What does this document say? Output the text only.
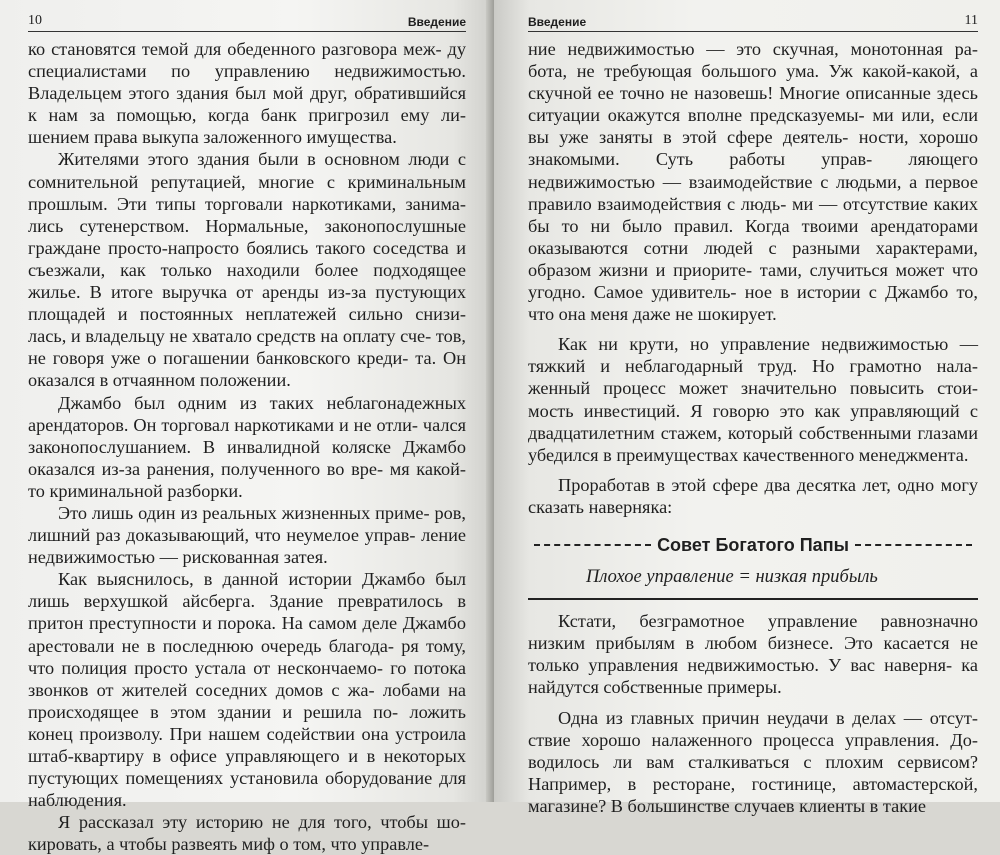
10	Введение

ко становятся темой для обеденного разговора меж- ду специалистами по управлению недвижимостью. Владельцем этого здания был мой друг, обратившийся к нам за помощью, когда банк пригрозил ему ли- шением права выкупа заложенного имущества.

Жителями этого здания были в основном люди с сомнительной репутацией, многие с криминальным прошлым. Эти типы торговали наркотиками, занима- лись сутенерством. Нормальные, законопослушные граждане просто-напросто боялись такого соседства и съезжали, как только находили более подходящее жилье. В итоге выручка от аренды из-за пустующих площадей и постоянных неплатежей сильно снизи- лась, и владельцу не хватало средств на оплату сче- тов, не говоря уже о погашении банковского креди- та. Он оказался в отчаянном положении.

Джамбо был одним из таких неблагонадежных арендаторов. Он торговал наркотиками и не отли- чался законопослушанием. В инвалидной коляске Джамбо оказался из-за ранения, полученного во вре- мя какой-то криминальной разборки.

Это лишь один из реальных жизненных приме- ров, лишний раз доказывающий, что неумелое управ- ление недвижимостью — рискованная затея.

Как выяснилось, в данной истории Джамбо был лишь верхушкой айсберга. Здание превратилось в притон преступности и порока. На самом деле Джамбо арестовали не в последнюю очередь благода- ря тому, что полиция просто устала от нескончаемо- го потока звонков от жителей соседних домов с жа- лобами на происходящее в этом здании и решила по- ложить конец произволу. При нашем содействии она устроила штаб-квартиру в офисе управляющего и в некоторых пустующих помещениях установила оборудование для наблюдения.

Я рассказал эту историю не для того, чтобы шо- кировать, а чтобы развеять миф о том, что управле-

Введение	11

ние недвижимостью — это скучная, монотонная ра- бота, не требующая большого ума. Уж какой-какой, а скучной ее точно не назовешь! Многие описанные здесь ситуации окажутся вполне предсказуемы- ми или, если вы уже заняты в этой сфере деятель- ности, хорошо знакомыми. Суть работы управ- ляющего недвижимостью — взаимодействие с людьми, а первое правило взаимодействия с людь- ми — отсутствие каких бы то ни было правил. Когда твоими арендаторами оказываются сотни людей с разными характерами, образом жизни и приорите- тами, случиться может что угодно. Самое удивитель- ное в истории с Джамбо то, что она меня даже не шокирует.

Как ни крути, но управление недвижимостью — тяжкий и неблагодарный труд. Но грамотно нала- женный процесс может значительно повысить стои- мость инвестиций. Я говорю это как управляющий с двадцатилетним стажем, который собственными глазами убедился в преимуществах качественного менеджмента.

Проработав в этой сфере два десятка лет, одно могу сказать наверняка:

Совет Богатого Папы
Плохое управление = низкая прибыль

Кстати, безграмотное управление равнозначно низким прибылям в любом бизнесе. Это касается не только управления недвижимостью. У вас наверня- ка найдутся собственные примеры.

Одна из главных причин неудачи в делах — отсут- ствие хорошо налаженного процесса управления. До- водилось ли вам сталкиваться с плохим сервисом? Например, в ресторане, гостинице, автомастерской, магазине? В большинстве случаев клиенты в такие
